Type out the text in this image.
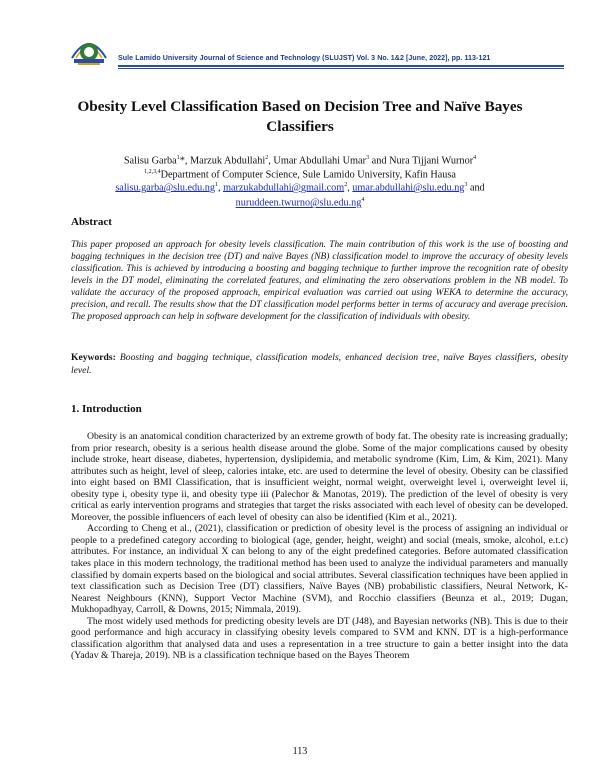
Sule Lamido University Journal of Science and Technology (SLUJST) Vol. 3 No. 1&2 [June, 2022], pp. 113-121
Obesity Level Classification Based on Decision Tree and Naïve Bayes Classifiers
Salisu Garba$^1$*, Marzuk Abdullahi$^2$, Umar Abdullahi Umar$^3$ and Nura Tijjani Wurnor$^4$
$^{1,2,3,4}$Department of Computer Science, Sule Lamido University, Kafin Hausa
$salisu.garba@slu.edu.ng^1$, marzukabdullahi@gmail.com$^2$, $umar.abdullahi@slu.edu.ng^3$ and
$nuruddeen.twurno@slu.edu.ng^4$
Abstract
This paper proposed an approach for obesity levels classification. The main contribution of this work is the use of boosting and bagging techniques in the decision tree (DT) and naïve Bayes (NB) classification model to improve the accuracy of obesity levels classification. This is achieved by introducing a boosting and bagging technique to further improve the recognition rate of obesity levels in the DT model, eliminating the correlated features, and eliminating the zero observations problem in the NB model. To validate the accuracy of the proposed approach, empirical evaluation was carried out using WEKA to determine the accuracy, precision, and recall. The results show that the DT classification model performs better in terms of accuracy and average precision. The proposed approach can help in software development for the classification of individuals with obesity.
Keywords: Boosting and bagging technique, classification models, enhanced decision tree, naïve Bayes classifiers, obesity level.
1. Introduction

Obesity is an anatomical condition characterized by an extreme growth of body fat. The obesity rate is increasing gradually; from prior research, obesity is a serious health disease around the globe. Some of the major complications caused by obesity include stroke, heart disease, diabetes, hypertension, dyslipidemia, and metabolic syndrome (Kim, Lim, & Kim, 2021). Many attributes such as height, level of sleep, calories intake, etc. are used to determine the level of obesity. Obesity can be classified into eight based on BMI Classification, that is insufficient weight, normal weight, overweight level i, overweight level ii, obesity type i, obesity type ii, and obesity type iii (Palechor & Manotas, 2019). The prediction of the level of obesity is very critical as early intervention programs and strategies that target the risks associated with each level of obesity can be developed. Moreover, the possible influencers of each level of obesity can also be identified (Kim et al., 2021).

According to Cheng et al., (2021), classification or prediction of obesity level is the process of assigning an individual or people to a predefined category according to biological (age, gender, height, weight) and social (meals, smoke, alcohol, e.t.c) attributes. For instance, an individual X can belong to any of the eight predefined categories. Before automated classification takes place in this modern technology, the traditional method has been used to analyze the individual parameters and manually classified by domain experts based on the biological and social attributes. Several classification techniques have been applied in text classification such as Decision Tree (DT) classifiers, Naïve Bayes (NB) probabilistic classifiers, Neural Network, K-Nearest Neighbours (KNN), Support Vector Machine (SVM), and Rocchio classifiers (Beunza et al., 2019; Dugan, Mukhopadhyay, Carroll, & Downs, 2015; Nimmala, 2019).

The most widely used methods for predicting obesity levels are DT (J48), and Bayesian networks (NB). This is due to their good performance and high accuracy in classifying obesity levels compared to SVM and KNN. DT is a high-performance classification algorithm that analysed data and uses a representation in a tree structure to gain a better insight into the data (Yadav & Thareja, 2019). NB is a classification technique based on the Bayes Theorem

113
